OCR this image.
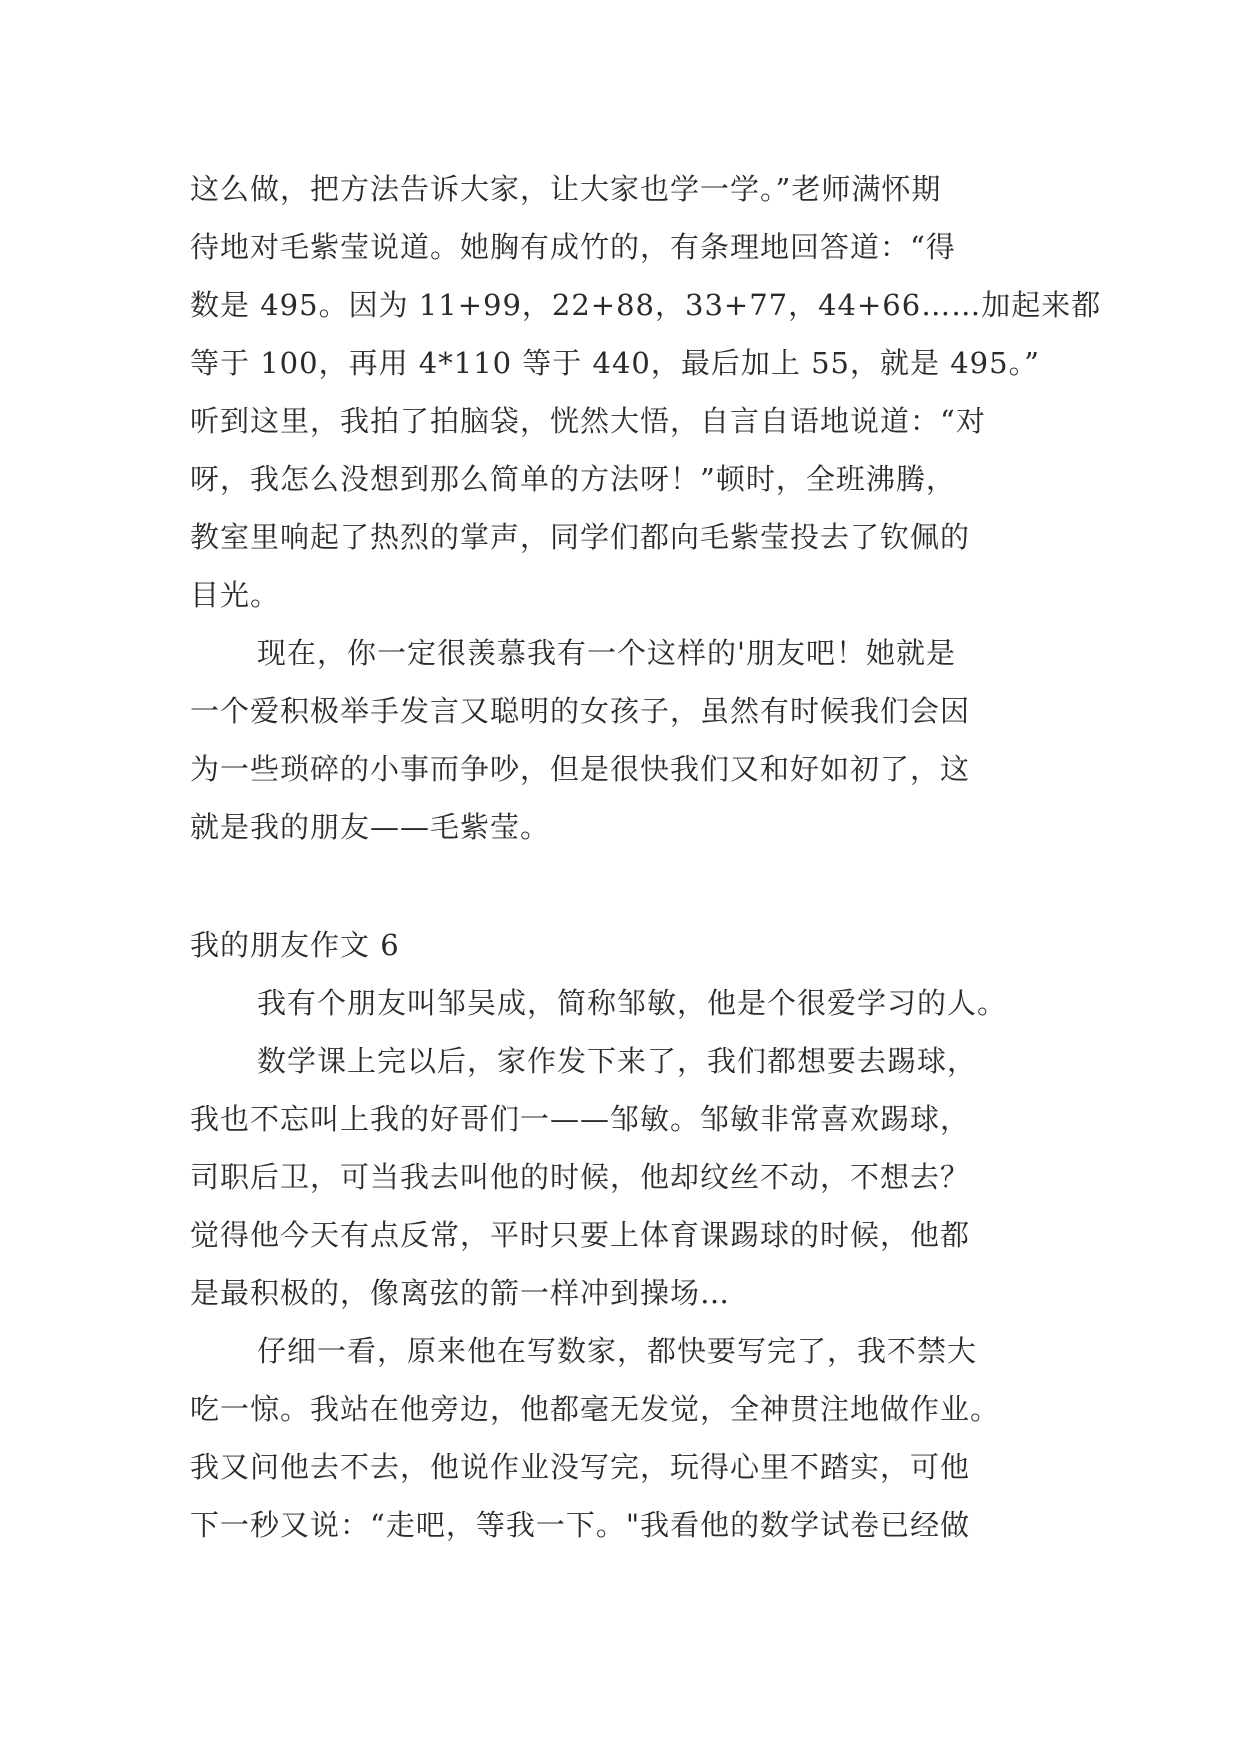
这么做，把方法告诉大家，让大家也学一学。”老师满怀期
待地对毛紫莹说道。她胸有成竹的，有条理地回答道：“得
数是 495。因为 11+99，22+88，33+77，44+66……加起来都
等于 100，再用 4*110 等于 440，最后加上 55，就是 495。”
听到这里，我拍了拍脑袋，恍然大悟，自言自语地说道：“对
呀，我怎么没想到那么简单的方法呀！”顿时，全班沸腾，
教室里响起了热烈的掌声，同学们都向毛紫莹投去了钦佩的
目光。
现在，你一定很羡慕我有一个这样的'朋友吧！她就是
一个爱积极举手发言又聪明的女孩子，虽然有时候我们会因
为一些琐碎的小事而争吵，但是很快我们又和好如初了，这
就是我的朋友——毛紫莹。
我的朋友作文 6
我有个朋友叫邹吴成，简称邹敏，他是个很爱学习的人。
数学课上完以后，家作发下来了，我们都想要去踢球，
我也不忘叫上我的好哥们一——邹敏。邹敏非常喜欢踢球，
司职后卫，可当我去叫他的时候，他却纹丝不动，不想去？
觉得他今天有点反常，平时只要上体育课踢球的时候，他都
是最积极的，像离弦的箭一样冲到操场…
仔细一看，原来他在写数家，都快要写完了，我不禁大
吃一惊。我站在他旁边，他都毫无发觉，全神贯注地做作业。
我又问他去不去，他说作业没写完，玩得心里不踏实，可他
下一秒又说：“走吧，等我一下。"我看他的数学试卷已经做
